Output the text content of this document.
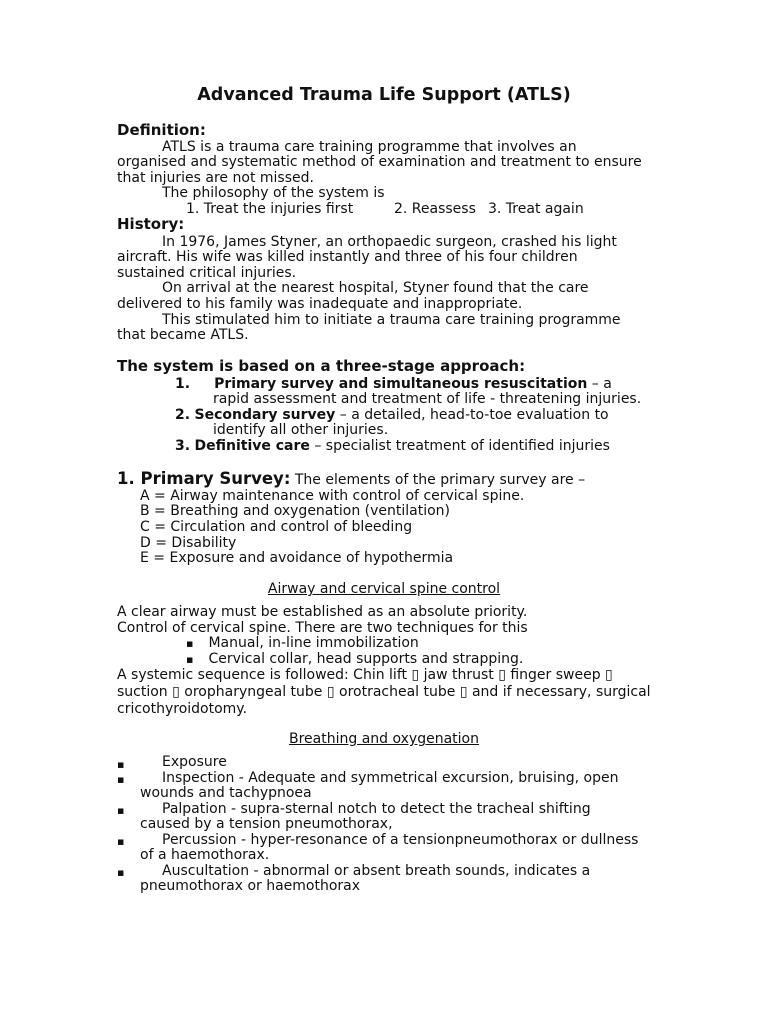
Advanced Trauma Life Support (ATLS)
Definition:
ATLS is a trauma care training programme that involves an
organised and systematic method of examination and treatment to ensure
that injuries are not missed.
The philosophy of the system is
1. Treat the injuries first	2. Reassess 3. Treat again
History:
In 1976, James Styner, an orthopaedic surgeon, crashed his light
aircraft. His wife was killed instantly and three of his four children
sustained critical injuries.
On arrival at the nearest hospital, Styner found that the care
delivered to his family was inadequate and inappropriate.
This stimulated him to initiate a trauma care training programme
that became ATLS.
The system is based on a three-stage approach:
1. Primary survey and simultaneous resuscitation – a
rapid assessment and treatment of life - threatening injuries.
2. Secondary survey – a detailed, head-to-toe evaluation to
identify all other injuries.
3. Definitive care – specialist treatment of identified injuries
1. Primary Survey: The elements of the primary survey are –
A = Airway maintenance with control of cervical spine.
B = Breathing and oxygenation (ventilation)
C = Circulation and control of bleeding
D = Disability
E = Exposure and avoidance of hypothermia
Airway and cervical spine control
A clear airway must be established as an absolute priority.
Control of cervical spine. There are two techniques for this
▪ Manual, in-line immobilization
▪ Cervical collar, head supports and strapping.
A systemic sequence is followed: Chin lift ▯ jaw thrust ▯ finger sweep ▯
suction ▯ oropharyngeal tube ▯ orotracheal tube ▯ and if necessary, surgical
cricothyroidotomy.
Breathing and oxygenation
▪	Exposure
▪	Inspection - Adequate and symmetrical excursion, bruising, open
wounds and tachypnoea
▪	Palpation - supra-sternal notch to detect the tracheal shifting
caused by a tension pneumothorax,
▪	Percussion - hyper-resonance of a tensionpneumothorax or dullness
of a haemothorax.
▪	Auscultation - abnormal or absent breath sounds, indicates a
pneumothorax or haemothorax
